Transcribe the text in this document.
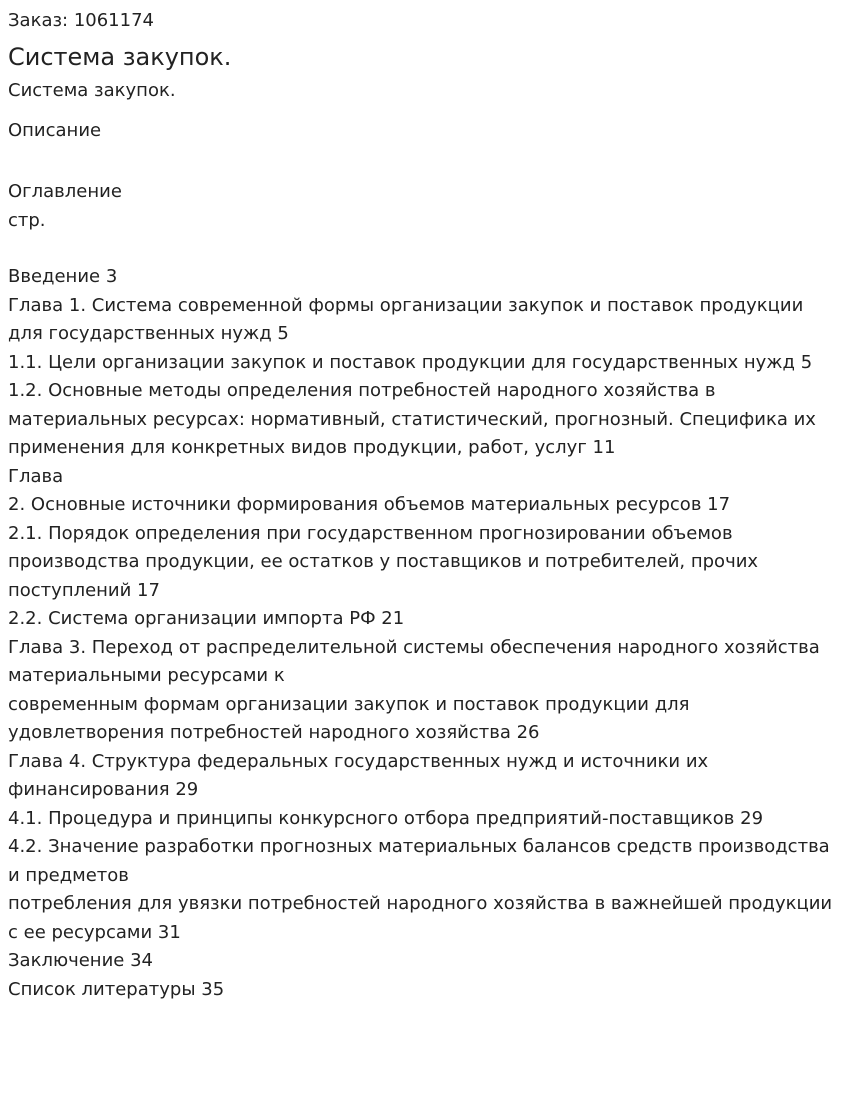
Заказ: 1061174

Система закупок.

Система закупок.

Описание

Оглавление

стр.

Введение 3
Глава 1. Система современной формы организации закупок и поставок продукции для государственных нужд 5
1.1. Цели организации закупок и поставок продукции для государственных нужд 5
1.2. Основные методы определения потребностей народного хозяйства в материальных ресурсах: нормативный, статистический, прогнозный. Специфика их применения для конкретных видов продукции, работ, услуг 11
Глава
2. Основные источники формирования объемов материальных ресурсов 17
2.1. Порядок определения при государственном прогнозировании объемов производства продукции, ее остатков у поставщиков и потребителей, прочих поступлений 17
2.2. Система организации импорта РФ 21
Глава 3. Переход от распределительной системы обеспечения народного хозяйства материальными ресурсами к
современным формам организации закупок и поставок продукции для удовлетворения потребностей народного хозяйства 26
Глава 4. Структура федеральных государственных нужд и источники их финансирования 29
4.1. Процедура и принципы конкурсного отбора предприятий-поставщиков 29
4.2. Значение разработки прогнозных материальных балансов средств производства и предметов
потребления для увязки потребностей народного хозяйства в важнейшей продукции с ее ресурсами 31
Заключение 34
Список литературы 35
